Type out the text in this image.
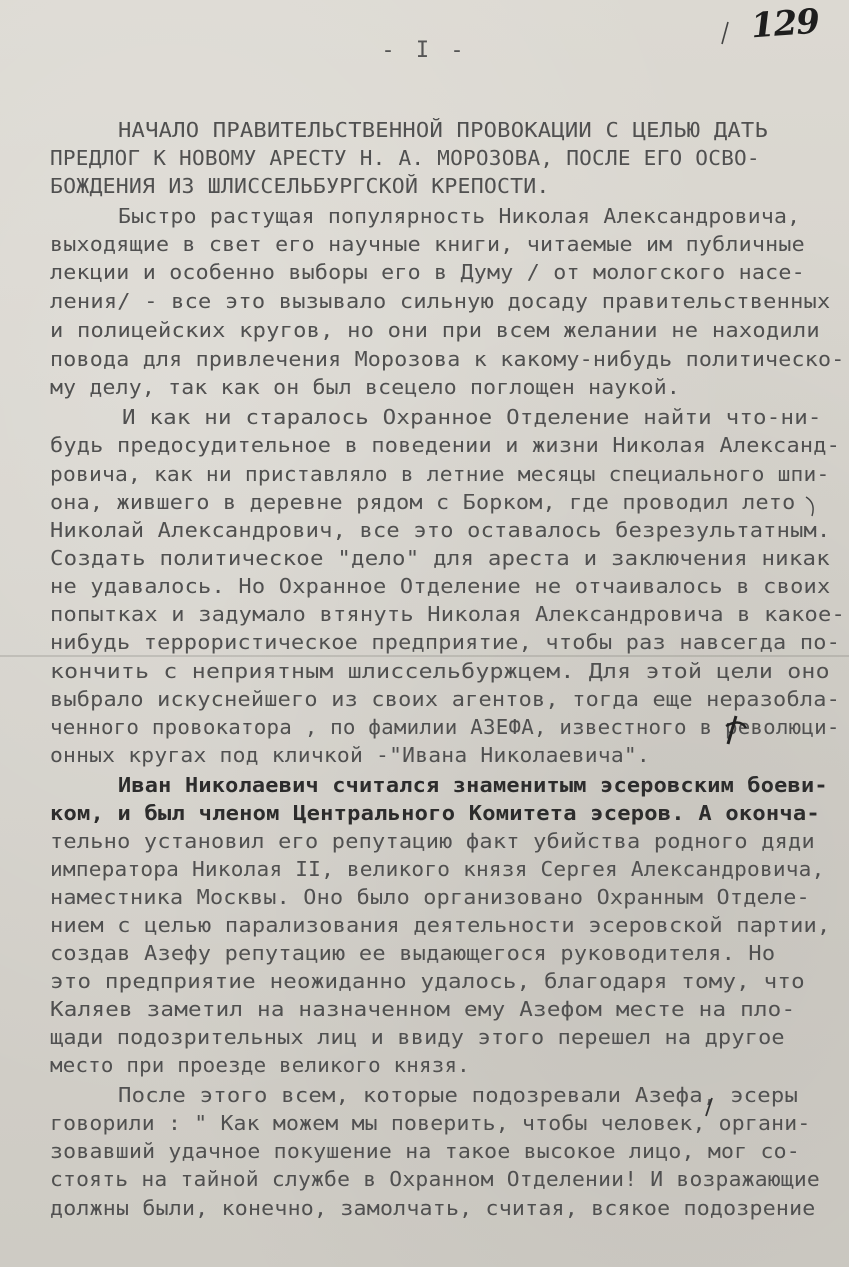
129
- I -
НАЧАЛО ПРАВИТЕЛЬСТВЕННОЙ ПРОВОКАЦИИ С ЦЕЛЬЮ ДАТЬ
ПРЕДЛОГ К НОВОМУ АРЕСТУ Н. А. МОРОЗОВА, ПОСЛЕ ЕГО ОСВО-
БОЖДЕНИЯ ИЗ ШЛИССЕЛЬБУРГСКОЙ КРЕПОСТИ.
Быстро растущая популярность Николая Александровича,
выходящие в свет его научные книги, читаемые им публичные
лекции и особенно выборы его в Думу / от мологского насе-
ления/ - все это вызывало сильную досаду правительственных
и полицейских кругов, но они при всем желании не находили
повода для привлечения Морозова к какому-нибудь политическо-
му делу, так как он был всецело поглощен наукой.
И как ни старалось Охранное Отделение найти что-ни-
будь предосудительное в поведении и жизни Николая Александ-
ровича, как ни приставляло в летние месяцы специального шпи-
она, жившего в деревне рядом с Борком, где проводил лето
Николай Александрович, все это оставалось безрезультатным.
Создать политическое "дело" для ареста и заключения никак
не удавалось. Но Охранное Отделение не отчаивалось в своих
попытках и задумало втянуть Николая Александровича в какое-
нибудь террористическое предприятие, чтобы раз навсегда по-
кончить с неприятным шлиссельбуржцем. Для этой цели оно
выбрало искуснейшего из своих агентов, тогда еще неразобла-
ченного провокатора , по фамилии АЗЕФА, известного в революци-
онных кругах под кличкой -"Ивана Николаевича".
Иван Николаевич считался знаменитым эсеровским боеви-
ком, и был членом Центрального Комитета эсеров. А оконча-
тельно установил его репутацию факт убийства родного дяди
императора Николая II, великого князя Сергея Александровича,
наместника Москвы. Оно было организовано Охранным Отделе-
нием с целью парализования деятельности эсеровской партии,
создав Азефу репутацию ее выдающегося руководителя. Но
это предприятие неожиданно удалось, благодаря тому, что
Каляев заметил на назначенном ему Азефом месте на пло-
щади подозрительных лиц и ввиду этого перешел на другое
место при проезде великого князя.
После этого всем, которые подозревали Азефа, эсеры
говорили : " Как можем мы поверить, чтобы человек, органи-
зовавший удачное покушение на такое высокое лицо, мог со-
стоять на тайной службе в Охранном Отделении! И возражающие
должны были, конечно, замолчать, считая, всякое подозрение
